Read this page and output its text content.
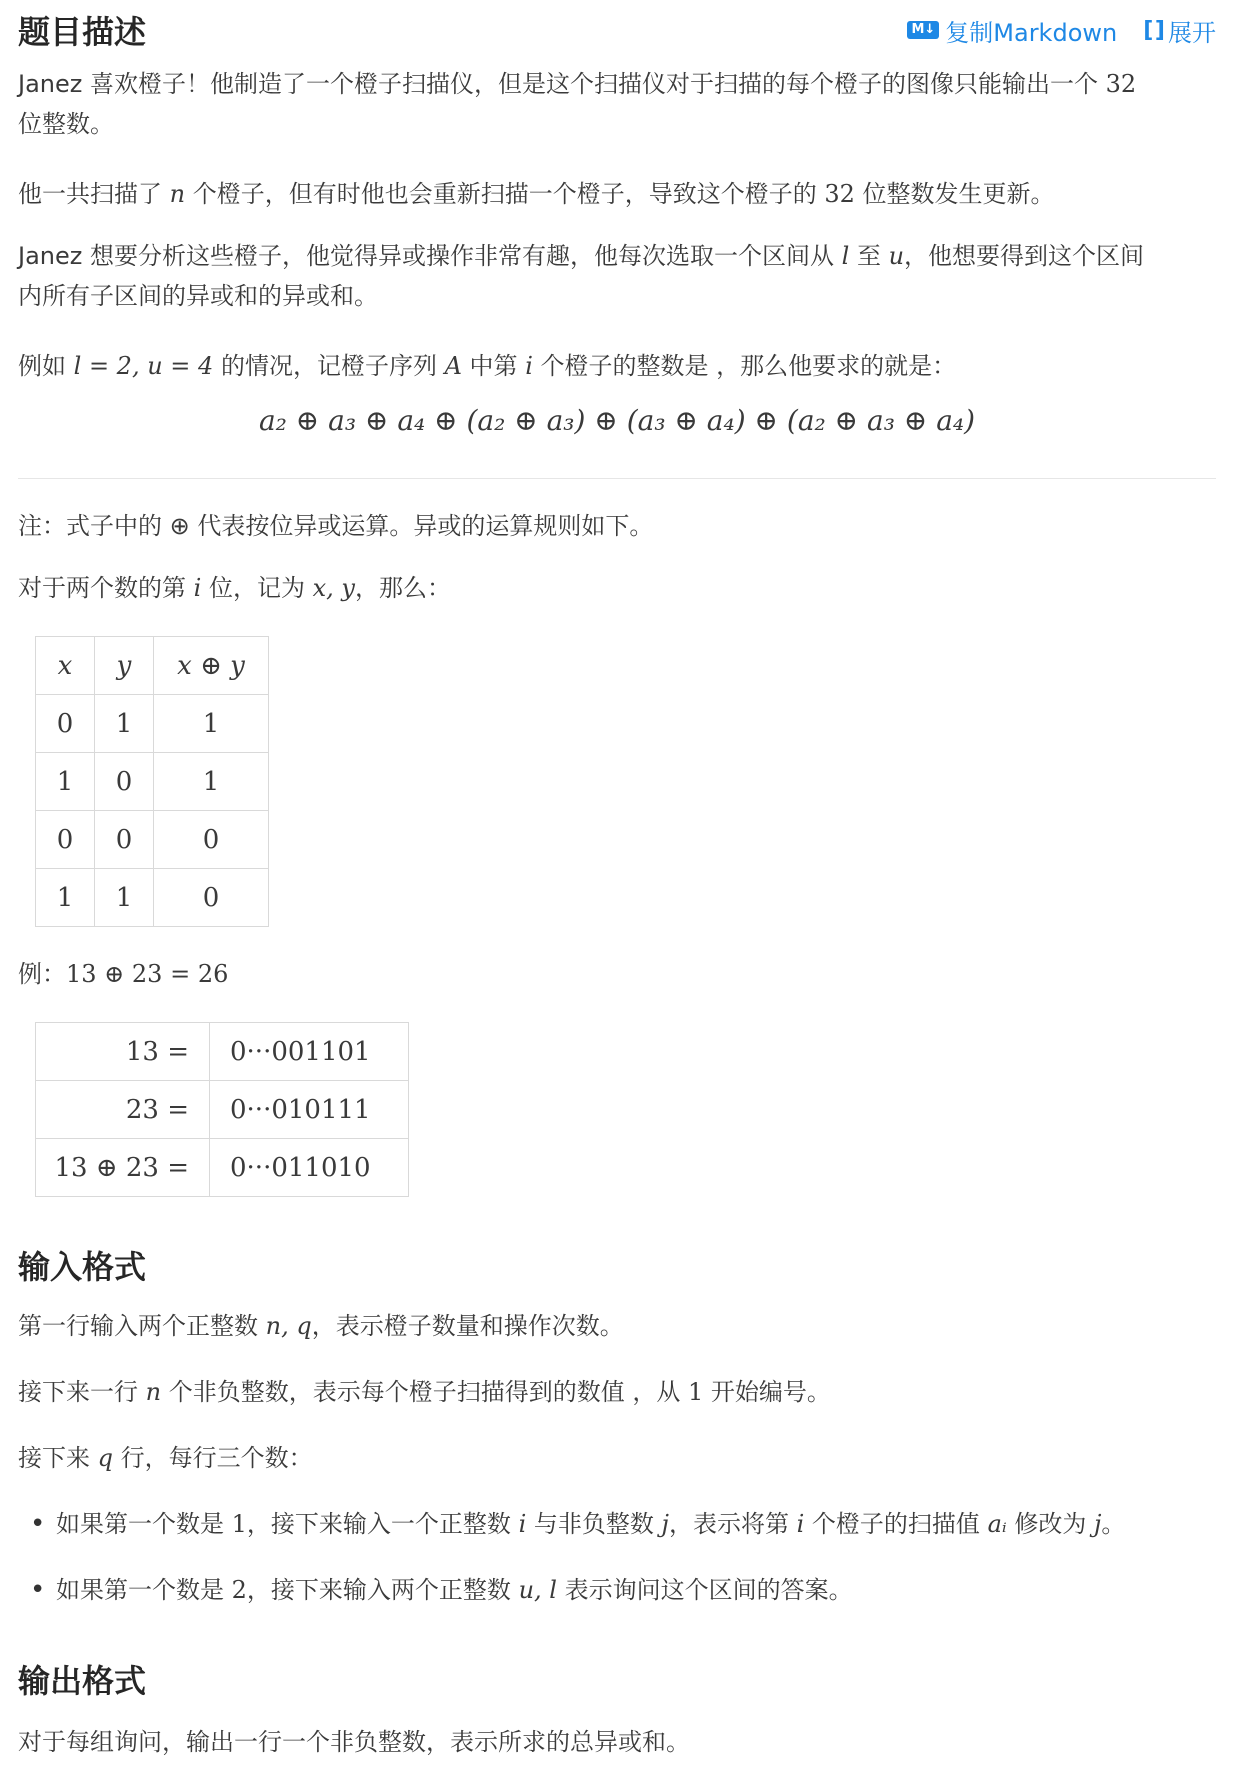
题目描述	M↓ 复制Markdown [ ] 展开

Janez 喜欢橙子！他制造了一个橙子扫描仪，但是这个扫描仪对于扫描的每个橙子的图像只能输出一个 32

位整数。

他一共扫描了 n 个橙子，但有时他也会重新扫描一个橙子，导致这个橙子的 32 位整数发生更新。

Janez 想要分析这些橙子，他觉得异或操作非常有趣，他每次选取一个区间从 l 至 u，他想要得到这个区间

内所有子区间的异或和的异或和。

例如 l = 2, u = 4 的情况，记橙子序列 A 中第 i 个橙子的整数是 ，那么他要求的就是：

a₂ ⊕ a₃ ⊕ a₄ ⊕ (a₂ ⊕ a₃) ⊕ (a₃ ⊕ a₄) ⊕ (a₂ ⊕ a₃ ⊕ a₄)

注：式子中的 ⊕ 代表按位异或运算。异或的运算规则如下。

对于两个数的第 i 位，记为 x, y，那么：

x	y	x ⊕ y
0	1	1
1	0	1
0	0	0
1	1	0

例：13 ⊕ 23 = 26

13 =	0···001101
23 =	0···010111
13 ⊕ 23 =	0···011010
输入格式

第一行输入两个正整数 n, q，表示橙子数量和操作次数。

接下来一行 n 个非负整数，表示每个橙子扫描得到的数值 ，从 1 开始编号。

接下来 q 行，每行三个数：

• 如果第一个数是 1，接下来输入一个正整数 i 与非负整数 j，表示将第 i 个橙子的扫描值 aᵢ 修改为 j。
• 如果第一个数是 2，接下来输入两个正整数 u, l 表示询问这个区间的答案。
输出格式

对于每组询问，输出一行一个非负整数，表示所求的总异或和。
